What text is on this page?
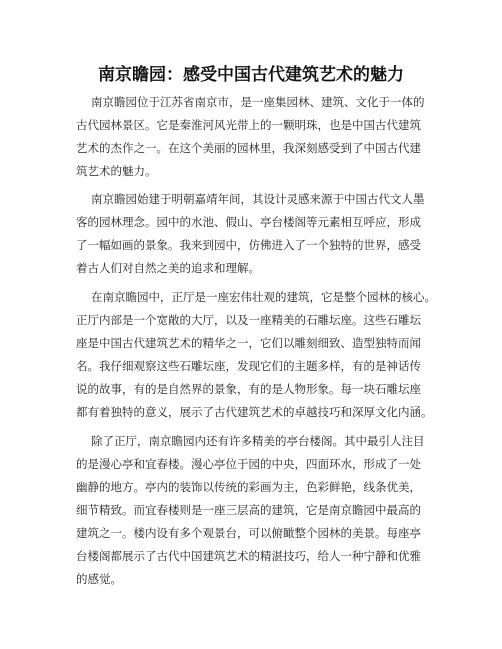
南京瞻园：感受中国古代建筑艺术的魅力
南京瞻园位于江苏省南京市，是一座集园林、建筑、文化于一体的
古代园林景区。它是秦淮河风光带上的一颗明珠，也是中国古代建筑
艺术的杰作之一。在这个美丽的园林里，我深刻感受到了中国古代建
筑艺术的魅力。
南京瞻园始建于明朝嘉靖年间，其设计灵感来源于中国古代文人墨
客的园林理念。园中的水池、假山、亭台楼阁等元素相互呼应，形成
了一幅如画的景象。我来到园中，仿佛进入了一个独特的世界，感受
着古人们对自然之美的追求和理解。
在南京瞻园中，正厅是一座宏伟壮观的建筑，它是整个园林的核心。
正厅内部是一个宽敞的大厅，以及一座精美的石雕坛座。这些石雕坛
座是中国古代建筑艺术的精华之一，它们以雕刻细致、造型独特而闻
名。我仔细观察这些石雕坛座，发现它们的主题多样，有的是神话传
说的故事，有的是自然界的景象，有的是人物形象。每一块石雕坛座
都有着独特的意义，展示了古代建筑艺术的卓越技巧和深厚文化内涵。
除了正厅，南京瞻园内还有许多精美的亭台楼阁。其中最引人注目
的是漫心亭和宜春楼。漫心亭位于园的中央，四面环水，形成了一处
幽静的地方。亭内的装饰以传统的彩画为主，色彩鲜艳，线条优美，
细节精致。而宜春楼则是一座三层高的建筑，它是南京瞻园中最高的
建筑之一。楼内设有多个观景台，可以俯瞰整个园林的美景。每座亭
台楼阁都展示了古代中国建筑艺术的精湛技巧，给人一种宁静和优雅
的感觉。
